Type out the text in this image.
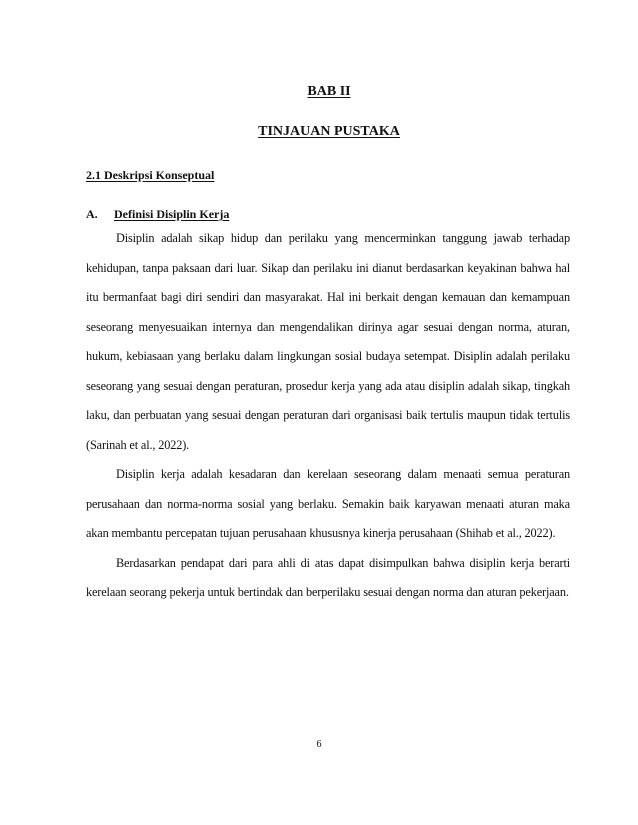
BAB II
TINJAUAN PUSTAKA
2.1 Deskripsi Konseptual
A. Definisi Disiplin Kerja

Disiplin adalah sikap hidup dan perilaku yang mencerminkan tanggung jawab terhadap kehidupan, tanpa paksaan dari luar. Sikap dan perilaku ini dianut berdasarkan keyakinan bahwa hal itu bermanfaat bagi diri sendiri dan masyarakat. Hal ini berkait dengan kemauan dan kemampuan seseorang menyesuaikan internya dan mengendalikan dirinya agar sesuai dengan norma, aturan, hukum, kebiasaan yang berlaku dalam lingkungan sosial budaya setempat. Disiplin adalah perilaku seseorang yang sesuai dengan peraturan, prosedur kerja yang ada atau disiplin adalah sikap, tingkah laku, dan perbuatan yang sesuai dengan peraturan dari organisasi baik tertulis maupun tidak tertulis (Sarinah et al., 2022).

Disiplin kerja adalah kesadaran dan kerelaan seseorang dalam menaati semua peraturan perusahaan dan norma-norma sosial yang berlaku. Semakin baik karyawan menaati aturan maka akan membantu percepatan tujuan perusahaan khususnya kinerja perusahaan (Shihab et al., 2022).

Berdasarkan pendapat dari para ahli di atas dapat disimpulkan bahwa disiplin kerja berarti kerelaan seorang pekerja untuk bertindak dan berperilaku sesuai dengan norma dan aturan pekerjaan.

6
